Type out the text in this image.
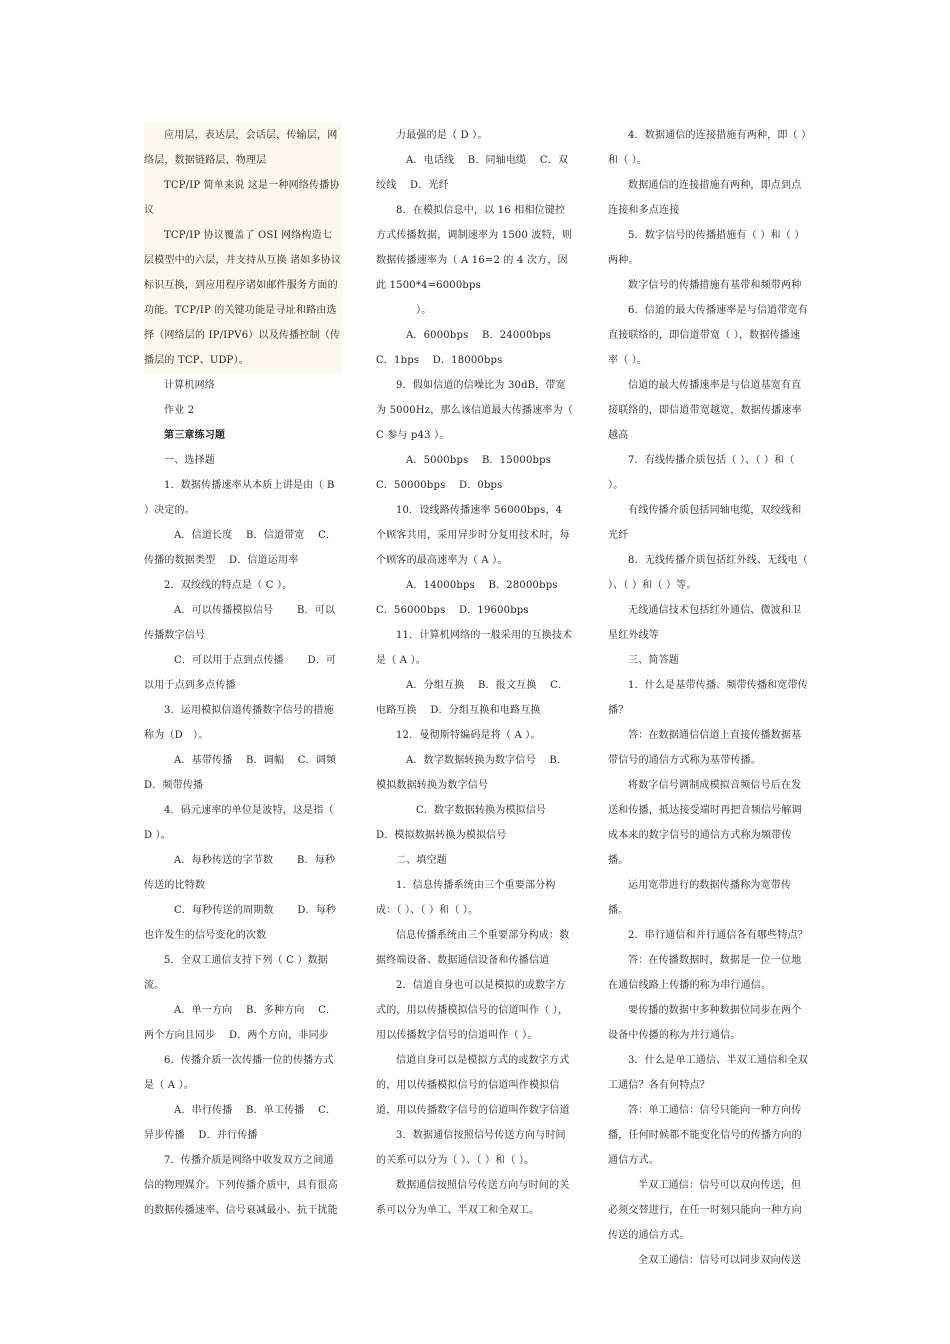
应用层，表达层，会话层，传输层，网络层，数据链路层，物理层

TCP/IP 简单来说 这是一种网络传播协议

TCP/IP 协议覆盖了 OSI 网络构造七层模型中的六层，并支持从互换 诸如多协议标识互换，到应用程序诸如邮件服务方面的功能。TCP/IP 的关键功能是寻址和路由选择（网络层的 IP/IPV6）以及传播控制（传播层的 TCP、UDP）。

计算机网络

作业 2

第三章练习题

一、选择题

1．数据传播速率从本质上讲是由（ B ）决定的。

A．信道长度　 B．信道带宽　 C．传播的数据类型　 D．信道运用率

2．双绞线的特点是（ C ）。

A．可以传播模拟信号　　 B．可以传播数字信号

C．可以用于点到点传播　　 D．可以用于点到多点传播

3．运用模拟信道传播数字信号的措施称为（D　）。

A．基带传播　 B．调幅　 C．调频　 D．频带传播

4．码元速率的单位是波特，这是指（ D ）。

A．每秒传送的字节数　　 B．每秒传送的比特数

C．每秒传送的周期数　　 D．每秒也许发生的信号变化的次数

5．全双工通信支持下列（ C ）数据流。

A．单一方向　 B．多种方向　 C．两个方向且同步　 D．两个方向，非同步

6．传播介质一次传播一位的传播方式是（ A ）。

A．串行传播　 B．单工传播　 C．异步传播　 D．并行传播

7．传播介质是网络中收发双方之间通信的物理媒介。下列传播介质中，具有很高的数据传播速率、信号衰减最小、抗干扰能

力最强的是（ D ）。

A．电话线　 B．同轴电缆　 C．双绞线　 D．光纤

8．在模拟信息中，以 16 相相位键控方式传播数据，调制速率为 1500 波特，则数据传播速率为（ A 16=2 的 4 次方，因此 1500*4=6000bps

）。

A．6000bps　 B．24000bps

C．1bps　 D．18000bps

9．假如信道的信噪比为 30dB，带宽为 5000Hz，那么该信道最大传播速率为（ C 参与 p43 ）。

A．5000bps　 B．15000bps

C．50000bps　 D．0bps

10．设线路传播速率 56000bps，4 个顾客共用，采用异步时分复用技术时，每个顾客的最高速率为（ A ）。

A．14000bps　 B．28000bps

C．56000bps　 D．19600bps

11．计算机网络的一般采用的互换技术是（ A ）。

A．分组互换　 B．报文互换　 C．电路互换　 D．分组互换和电路互换

12．曼彻斯特编码是将（ A ）。

A．数字数据转换为数字信号　 B．模拟数据转换为数字信号

C．数字数据转换为模拟信号

D．模拟数据转换为模拟信号

二、填空题

1．信息传播系统由三个重要部分构成：（ ）、（ ）和（ ）。

信息传播系统由三个重要部分构成：数据终端设备、数据通信设备和传播信道

2．信道自身也可以是模拟的或数字方式的，用以传播模拟信号的信道叫作（ ），用以传播数字信号的信道叫作（ ）。

信道自身可以是模拟方式的或数字方式的，用以传播模拟信号的信道叫作模拟信道，用以传播数字信号的信道叫作数字信道

3．数据通信按照信号传送方向与时间的关系可以分为（ ）、（ ）和（ ）。

数据通信按照信号传送方向与时间的关系可以分为单工、半双工和全双工。

4．数据通信的连接措施有两种，即（ ）和（ ）。

数据通信的连接措施有两种，即点到点连接和多点连接

5．数字信号的传播措施有（ ）和（ ）两种。

数字信号的传播措施有基带和频带两种

6．信道的最大传播速率是与信道带宽有直接联络的，即信道带宽（ ），数据传播速率（ ）。

信道的最大传播速率是与信道基宽有直接联络的，即信道带宽越宽，数据传播速率越高

7．有线传播介质包括（ ）、（ ）和（ ）。

有线传播介质包括同轴电缆，双绞线和光纤

8．无线传播介质包括红外线、无线电（ ）、（ ）和（ ）等。

无线通信技术包括红外通信、微波和卫星红外线等

三、简答题

1．什么是基带传播、频带传播和宽带传播？

答：在数据通信信道上直接传播数据基带信号的通信方式称为基带传播。

将数字信号调制成模拟音频信号后在发送和传播，抵达接受端时再把音频信号解调成本来的数字信号的通信方式称为频带传播。

运用宽带进行的数据传播称为宽带传播。

2．串行通信和并行通信各有哪些特点？

答：在传播数据时，数据是一位一位地在通信线路上传播的称为串行通信。

要传播的数据中多种数据位同步在两个设备中传播的称为并行通信。

3．什么是单工通信、半双工通信和全双工通信？各有何特点？

答：单工通信：信号只能向一种方向传播，任何时候都不能变化信号的传播方向的通信方式。

半双工通信：信号可以双向传送，但必须交替进行，在任一时刻只能向一种方向传送的通信方式。

全双工通信：信号可以同步双向传送
